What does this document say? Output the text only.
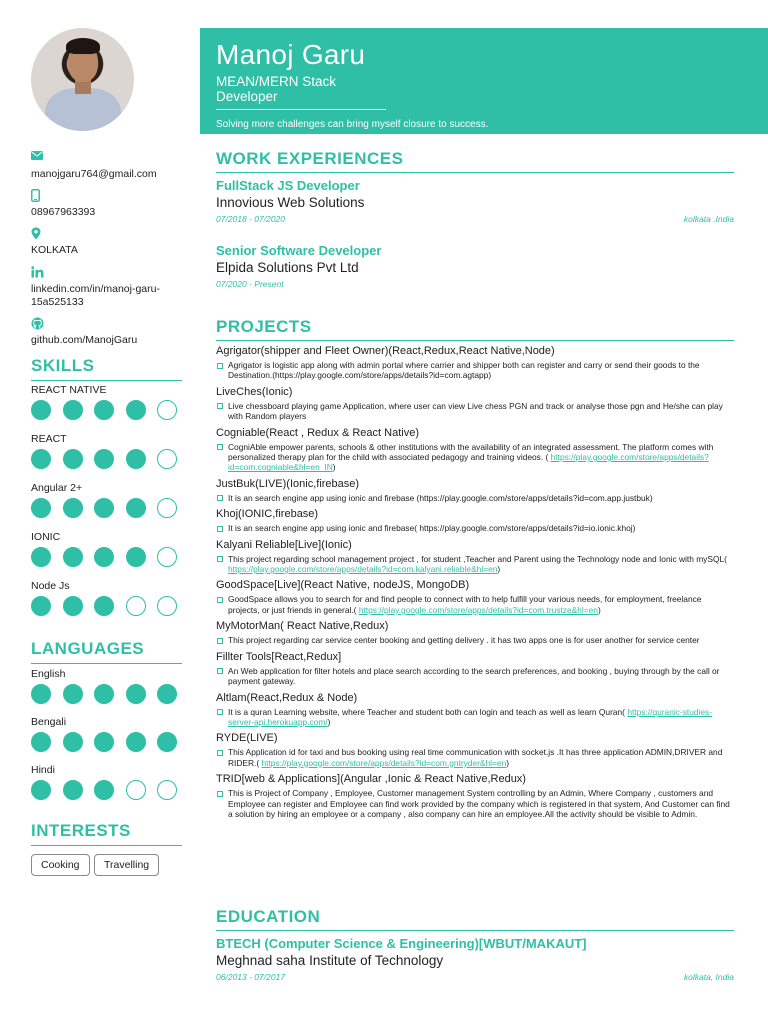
manojgaru764@gmail.com
08967963393
KOLKATA
linkedin.com/in/manoj-garu-15a525133
github.com/ManojGaru
SKILLS
REACT NATIVE
REACT
Angular 2+
IONIC
Node Js
LANGUAGES
English
Bengali
Hindi
INTERESTS
Cooking	Travelling
Manoj Garu
MEAN/MERN Stack Developer
Solving more challenges can bring myself closure to success.
WORK EXPERIENCES
FullStack JS Developer
Innovious Web Solutions
07/2018 - 07/2020	kolkata ,India
Senior Software Developer
Elpida Solutions Pvt Ltd
07/2020 - Present
PROJECTS
Agrigator(shipper and Fleet Owner)(React,Redux,React Native,Node)
Agrigator is logistic app along with admin portal where carrier and shipper both can register and carry or send their goods to the Destination.(https://play.google.com/store/apps/details?id=com.agtapp)
LiveChes(Ionic)
Live chessboard playing game Application, where user can view Live chess PGN and track or analyse those pgn and He/she can play with Random players
Cogniable(React , Redux & React Native)
CogniAble empower parents, schools & other institutions with the availability of an integrated assessment. The platform comes with personalized therapy plan for the child with associated pedagogy and training videos. ( https://play.google.com/store/apps/details?id=com.cogniable&hl=en_IN)
JustBuk(LIVE)(Ionic,firebase)
It is an search engine app using ionic and firebase (https://play.google.com/store/apps/details?id=com.app.justbuk)
Khoj(IONIC,firebase)
It is an search engine app using ionic and firebase( https://play.google.com/store/apps/details?id=io.ionic.khoj)
Kalyani Reliable[Live](Ionic)
This project regarding school management project , for student ,Teacher and Parent using the Technology node and Ionic with mySQL( https://play.google.com/store/apps/details?id=com.kalyani.reliable&hl=en)
GoodSpace[Live](React Native, nodeJS, MongoDB)
GoodSpace allows you to search for and find people to connect with to help fulfill your various needs, for employment, freelance projects, or just friends in general.( https://play.google.com/store/apps/details?id=com.trustze&hl=en)
MyMotorMan( React Native,Redux)
This project regarding car service center booking and getting delivery . it has two apps one is for user another for service center
Fillter Tools[React,Redux]
An Web application for filter hotels and place search according to the search preferences, and booking , buying through by the call or payment gateway.
Altlam(React,Redux & Node)
It is a quran Learning website, where Teacher and student both can login and teach as well as learn Quran( https://quranic-studies-server-api.herokuapp.com/)
RYDE(LIVE)
This Application id for taxi and bus booking using real time communication with socket.js .It has three application ADMIN,DRIVER and RIDER.( https://play.google.com/store/apps/details?id=com.gntryder&hl=en)
TRID[web & Applications](Angular ,Ionic & React Native,Redux)
This is Project of Company , Employee, Customer management System controlling by an Admin, Where Company , customers and Employee can register and Employee can find work provided by the company which is registered in that system, And Customer can find a solution by hiring an employee or a company , also company can hire an employee.All the activity should be visible to Admin.
EDUCATION
BTECH (Computer Science & Engineering)[WBUT/MAKAUT]
Meghnad saha Institute of Technology
06/2013 - 07/2017	kolkata, India
